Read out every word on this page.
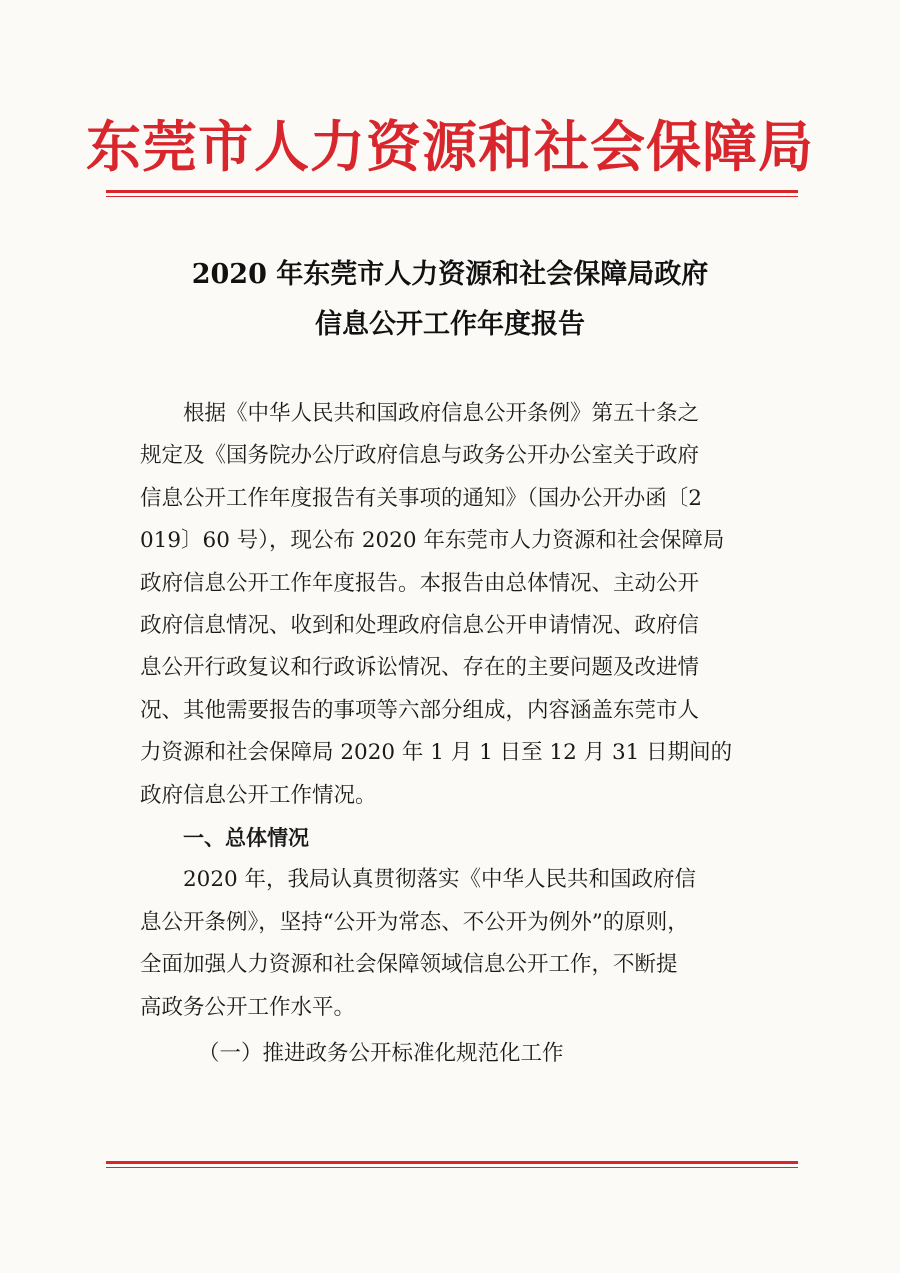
东莞市人力资源和社会保障局
2020 年东莞市人力资源和社会保障局政府
信息公开工作年度报告
根据《中华人民共和国政府信息公开条例》第五十条之
规定及《国务院办公厅政府信息与政务公开办公室关于政府
信息公开工作年度报告有关事项的通知》（国办公开办函〔2
019〕60 号），现公布 2020 年东莞市人力资源和社会保障局
政府信息公开工作年度报告。本报告由总体情况、主动公开
政府信息情况、收到和处理政府信息公开申请情况、政府信
息公开行政复议和行政诉讼情况、存在的主要问题及改进情
况、其他需要报告的事项等六部分组成，内容涵盖东莞市人
力资源和社会保障局 2020 年 1 月 1 日至 12 月 31 日期间的
政府信息公开工作情况。
一、总体情况
2020 年，我局认真贯彻落实《中华人民共和国政府信
息公开条例》，坚持“公开为常态、不公开为例外”的原则，
全面加强人力资源和社会保障领域信息公开工作，不断提
高政务公开工作水平。
（一）推进政务公开标准化规范化工作
